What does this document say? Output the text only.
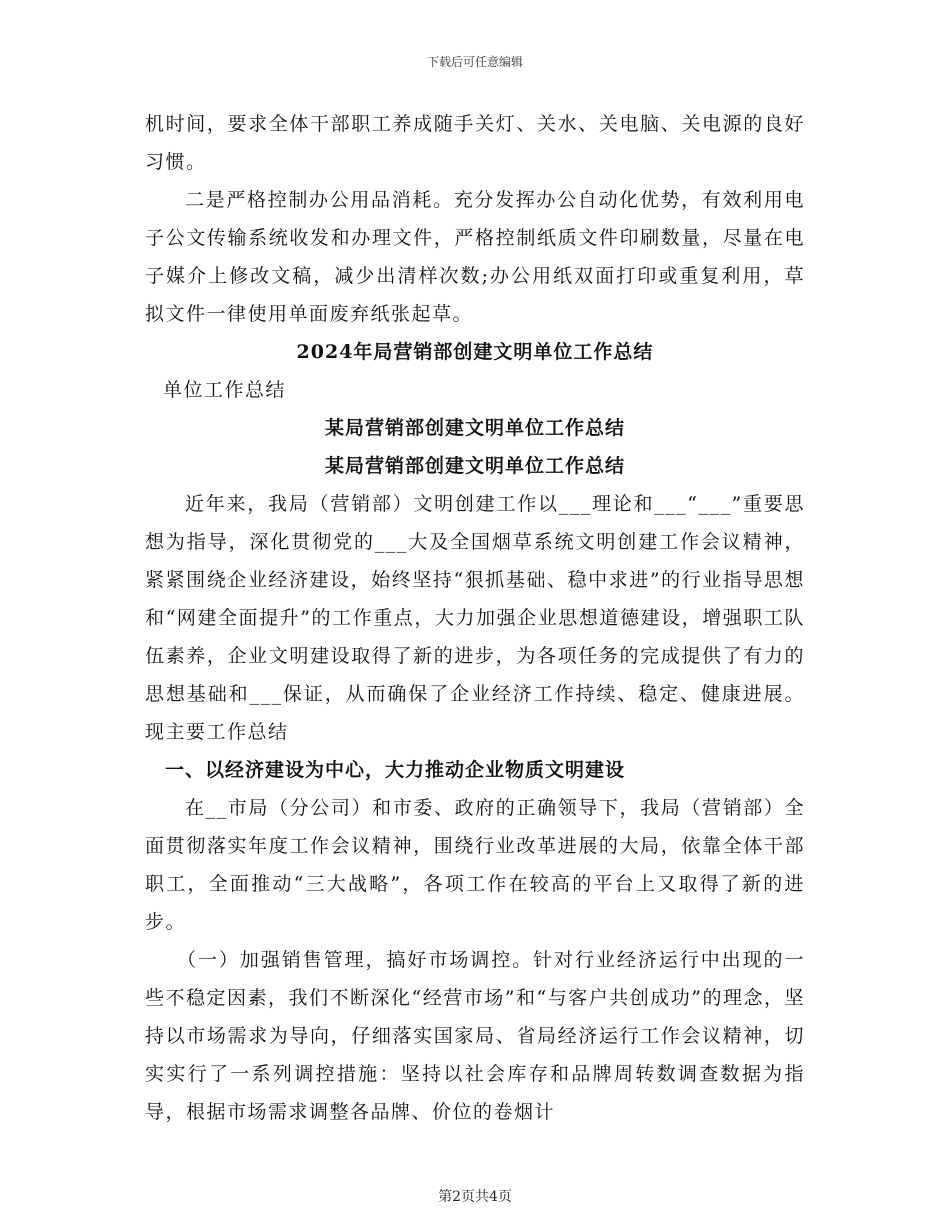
下载后可任意编辑

机时间，要求全体干部职工养成随手关灯、关水、关电脑、关电源的良好习惯。

二是严格控制办公用品消耗。充分发挥办公自动化优势，有效利用电子公文传输系统收发和办理文件，严格控制纸质文件印刷数量，尽量在电子媒介上修改文稿，减少出清样次数;办公用纸双面打印或重复利用，草拟文件一律使用单面废弃纸张起草。

2024年局营销部创建文明单位工作总结

单位工作总结

某局营销部创建文明单位工作总结

某局营销部创建文明单位工作总结

近年来，我局（营销部）文明创建工作以___理论和___“___”重要思想为指导，深化贯彻党的___大及全国烟草系统文明创建工作会议精神，紧紧围绕企业经济建设，始终坚持“狠抓基础、稳中求进”的行业指导思想和“网建全面提升”的工作重点，大力加强企业思想道德建设，增强职工队伍素养，企业文明建设取得了新的进步，为各项任务的完成提供了有力的思想基础和___保证，从而确保了企业经济工作持续、稳定、健康进展。现主要工作总结

一、以经济建设为中心，大力推动企业物质文明建设

在__市局（分公司）和市委、政府的正确领导下，我局（营销部）全面贯彻落实年度工作会议精神，围绕行业改革进展的大局，依靠全体干部职工，全面推动“三大战略”，各项工作在较高的平台上又取得了新的进步。

（一）加强销售管理，搞好市场调控。针对行业经济运行中出现的一些不稳定因素，我们不断深化“经营市场”和“与客户共创成功”的理念，坚持以市场需求为导向，仔细落实国家局、省局经济运行工作会议精神，切实实行了一系列调控措施：坚持以社会库存和品牌周转数调查数据为指导，根据市场需求调整各品牌、价位的卷烟计

第2页共4页
